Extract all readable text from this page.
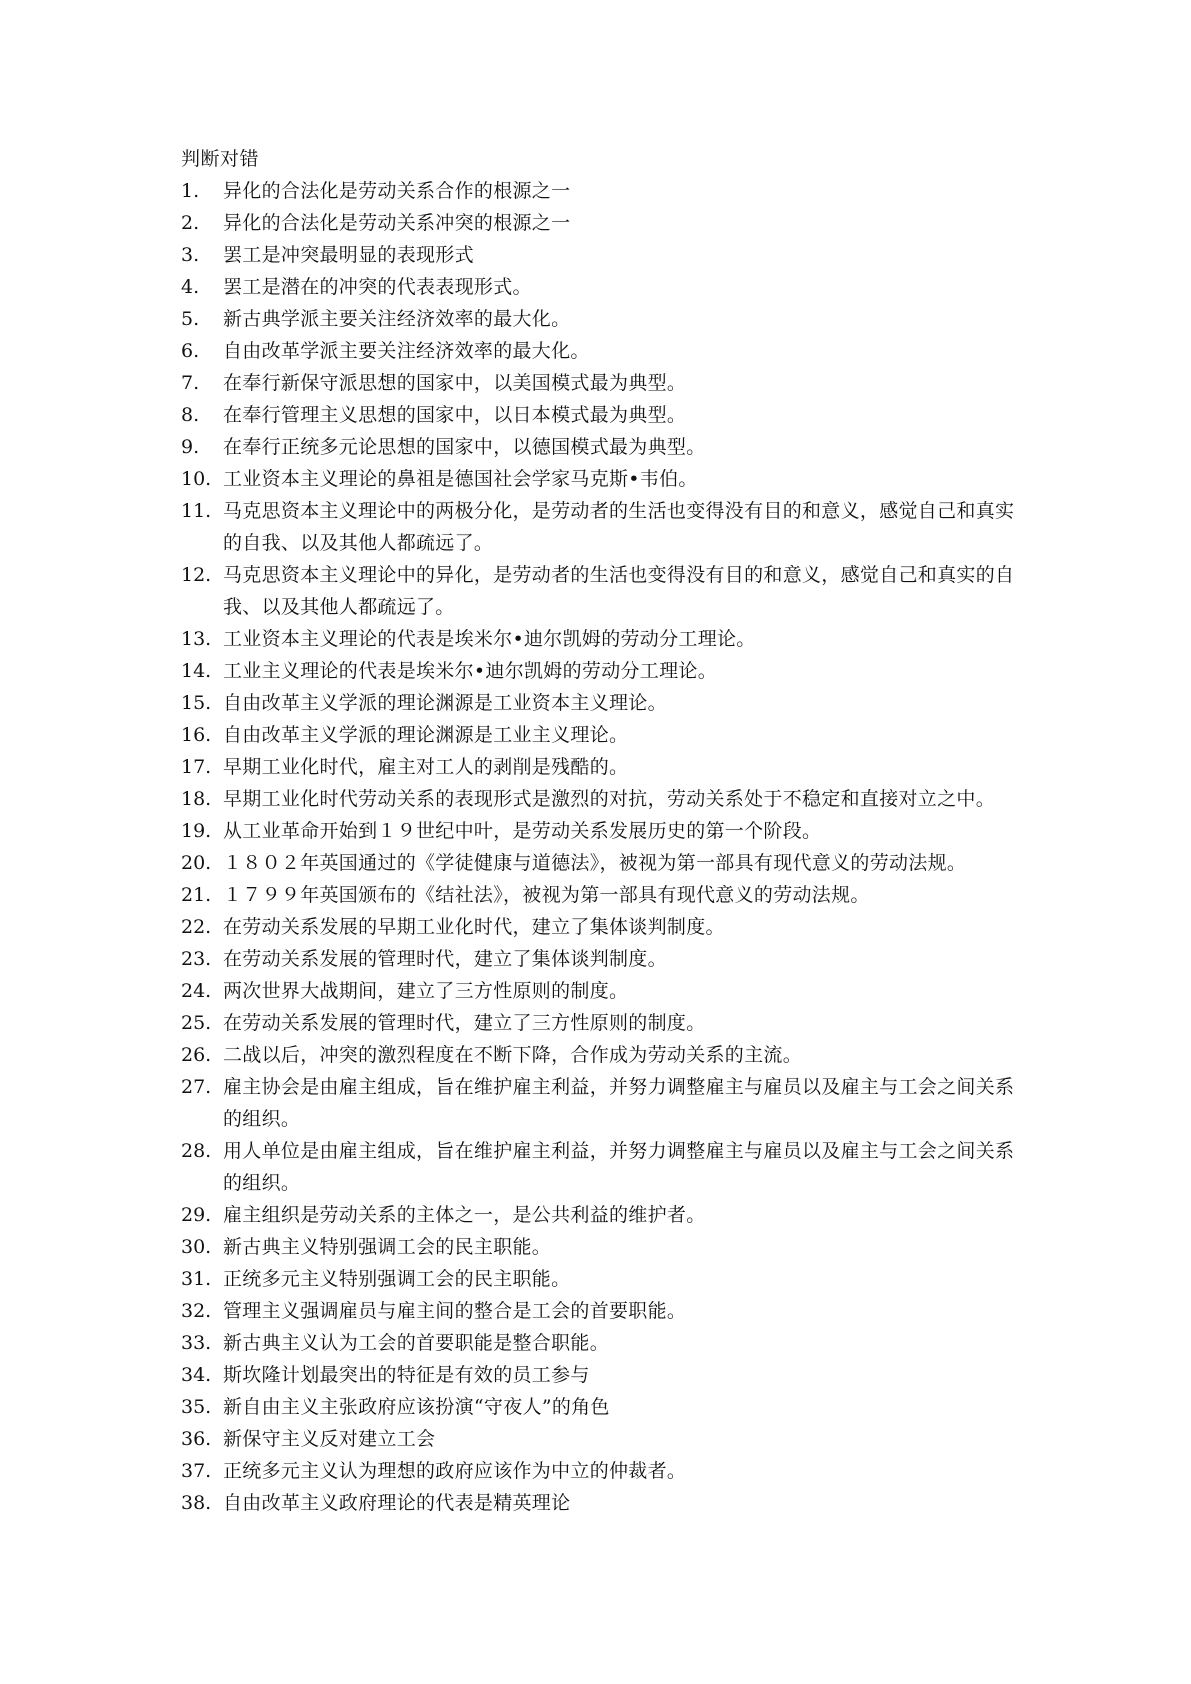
判断对错
1.	异化的合法化是劳动关系合作的根源之一
2.	异化的合法化是劳动关系冲突的根源之一
3.	罢工是冲突最明显的表现形式
4.	罢工是潜在的冲突的代表表现形式。
5.	新古典学派主要关注经济效率的最大化。
6.	自由改革学派主要关注经济效率的最大化。
7.	在奉行新保守派思想的国家中，以美国模式最为典型。
8.	在奉行管理主义思想的国家中，以日本模式最为典型。
9.	在奉行正统多元论思想的国家中，以德国模式最为典型。
10. 工业资本主义理论的鼻祖是德国社会学家马克斯•韦伯。
11. 马克思资本主义理论中的两极分化，是劳动者的生活也变得没有目的和意义，感觉自己和真实的自我、以及其他人都疏远了。
12. 马克思资本主义理论中的异化，是劳动者的生活也变得没有目的和意义，感觉自己和真实的自我、以及其他人都疏远了。
13. 工业资本主义理论的代表是埃米尔•迪尔凯姆的劳动分工理论。
14. 工业主义理论的代表是埃米尔•迪尔凯姆的劳动分工理论。
15. 自由改革主义学派的理论渊源是工业资本主义理论。
16. 自由改革主义学派的理论渊源是工业主义理论。
17. 早期工业化时代，雇主对工人的剥削是残酷的。
18. 早期工业化时代劳动关系的表现形式是激烈的对抗，劳动关系处于不稳定和直接对立之中。
19. 从工业革命开始到１９世纪中叶，是劳动关系发展历史的第一个阶段。
20. １８０２年英国通过的《学徒健康与道德法》，被视为第一部具有现代意义的劳动法规。
21. １７９９年英国颁布的《结社法》，被视为第一部具有现代意义的劳动法规。
22. 在劳动关系发展的早期工业化时代，建立了集体谈判制度。
23. 在劳动关系发展的管理时代，建立了集体谈判制度。
24. 两次世界大战期间，建立了三方性原则的制度。
25. 在劳动关系发展的管理时代，建立了三方性原则的制度。
26. 二战以后，冲突的激烈程度在不断下降，合作成为劳动关系的主流。
27. 雇主协会是由雇主组成，旨在维护雇主利益，并努力调整雇主与雇员以及雇主与工会之间关系的组织。
28. 用人单位是由雇主组成，旨在维护雇主利益，并努力调整雇主与雇员以及雇主与工会之间关系的组织。
29. 雇主组织是劳动关系的主体之一，是公共利益的维护者。
30. 新古典主义特别强调工会的民主职能。
31. 正统多元主义特别强调工会的民主职能。
32. 管理主义强调雇员与雇主间的整合是工会的首要职能。
33. 新古典主义认为工会的首要职能是整合职能。
34. 斯坎隆计划最突出的特征是有效的员工参与
35. 新自由主义主张政府应该扮演“守夜人”的角色
36. 新保守主义反对建立工会
37. 正统多元主义认为理想的政府应该作为中立的仲裁者。
38. 自由改革主义政府理论的代表是精英理论
